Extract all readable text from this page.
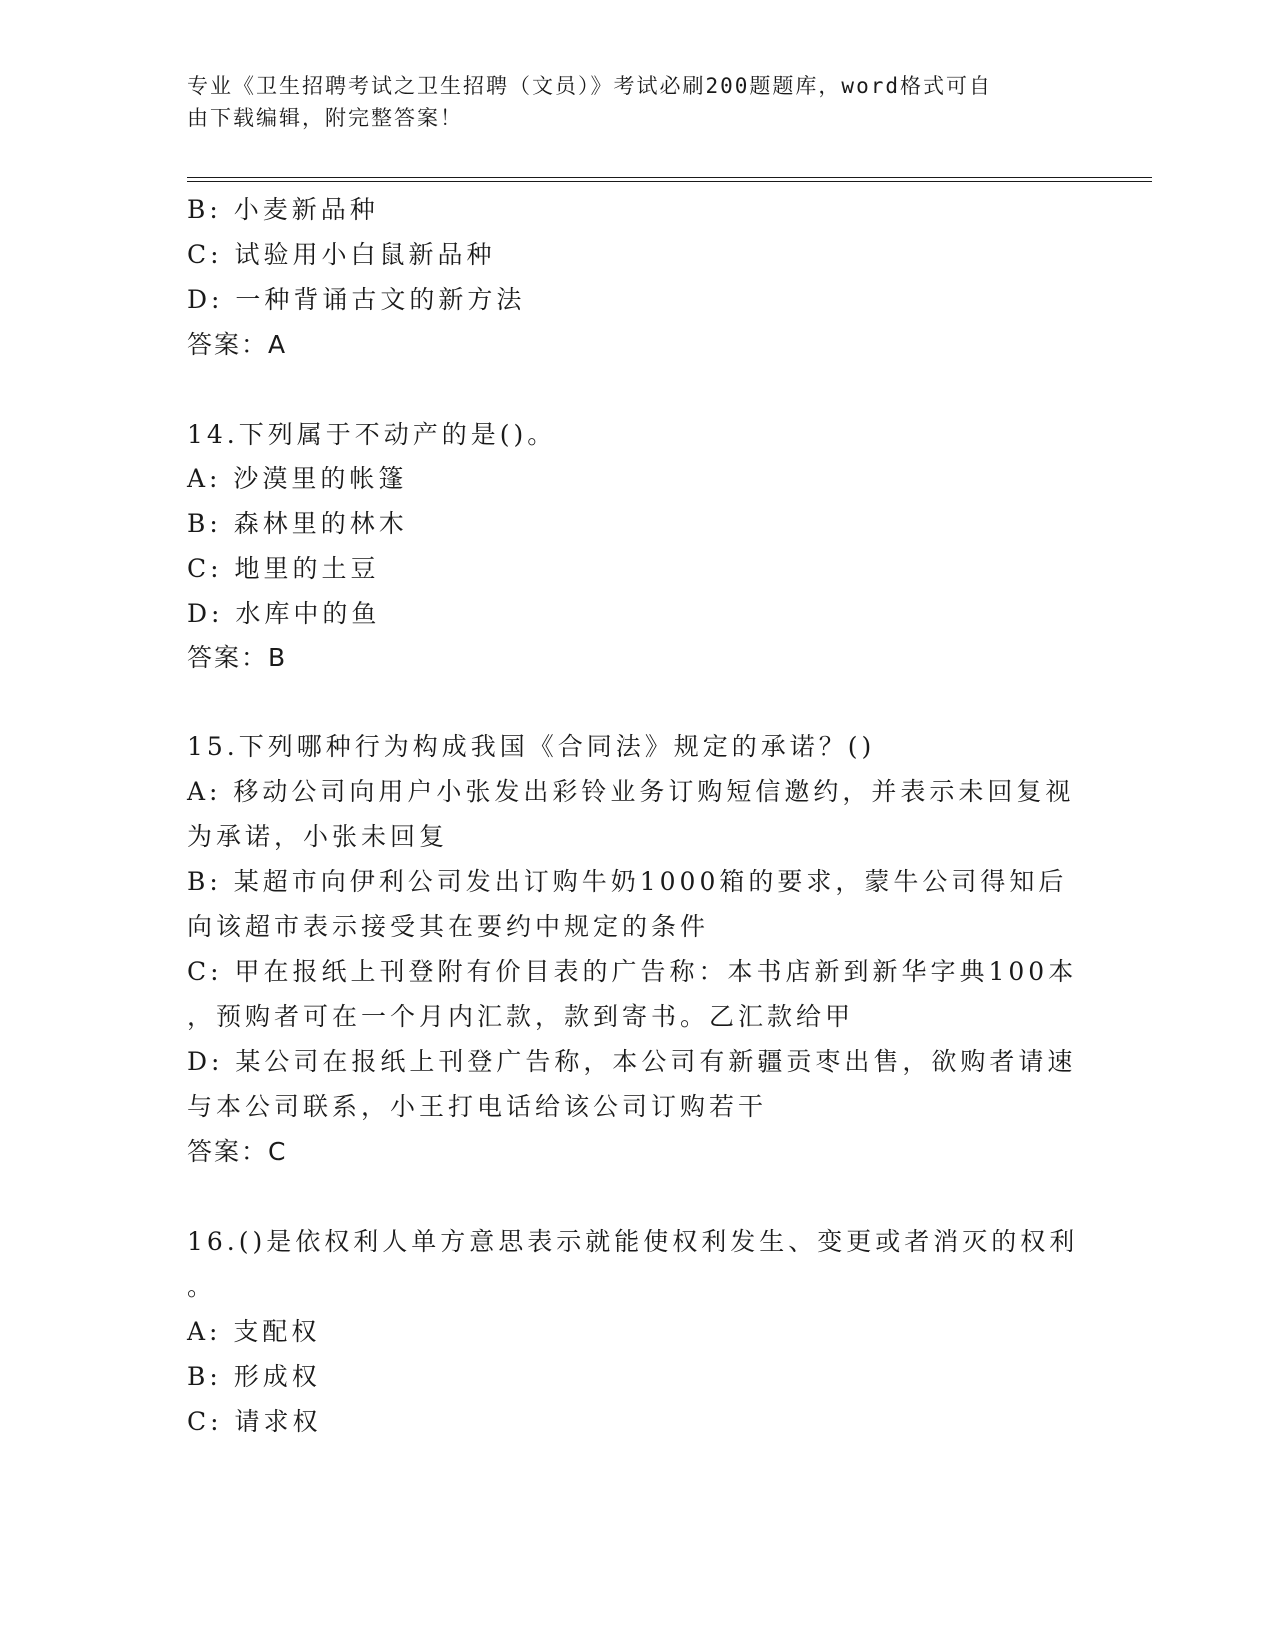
专业《卫生招聘考试之卫生招聘（文员）》考试必刷200题题库，word格式可自
由下载编辑，附完整答案！
B: 小麦新品种
C: 试验用小白鼠新品种
D: 一种背诵古文的新方法
答案：A
14.下列属于不动产的是()。
A: 沙漠里的帐篷
B: 森林里的林木
C: 地里的土豆
D: 水库中的鱼
答案：B
15.下列哪种行为构成我国《合同法》规定的承诺？()
A: 移动公司向用户小张发出彩铃业务订购短信邀约，并表示未回复视
为承诺，小张未回复
B: 某超市向伊利公司发出订购牛奶1000箱的要求，蒙牛公司得知后
向该超市表示接受其在要约中规定的条件
C: 甲在报纸上刊登附有价目表的广告称：本书店新到新华字典100本
，预购者可在一个月内汇款，款到寄书。乙汇款给甲
D: 某公司在报纸上刊登广告称，本公司有新疆贡枣出售，欲购者请速
与本公司联系，小王打电话给该公司订购若干
答案：C
16.()是依权利人单方意思表示就能使权利发生、变更或者消灭的权利
。
A: 支配权
B: 形成权
C: 请求权
